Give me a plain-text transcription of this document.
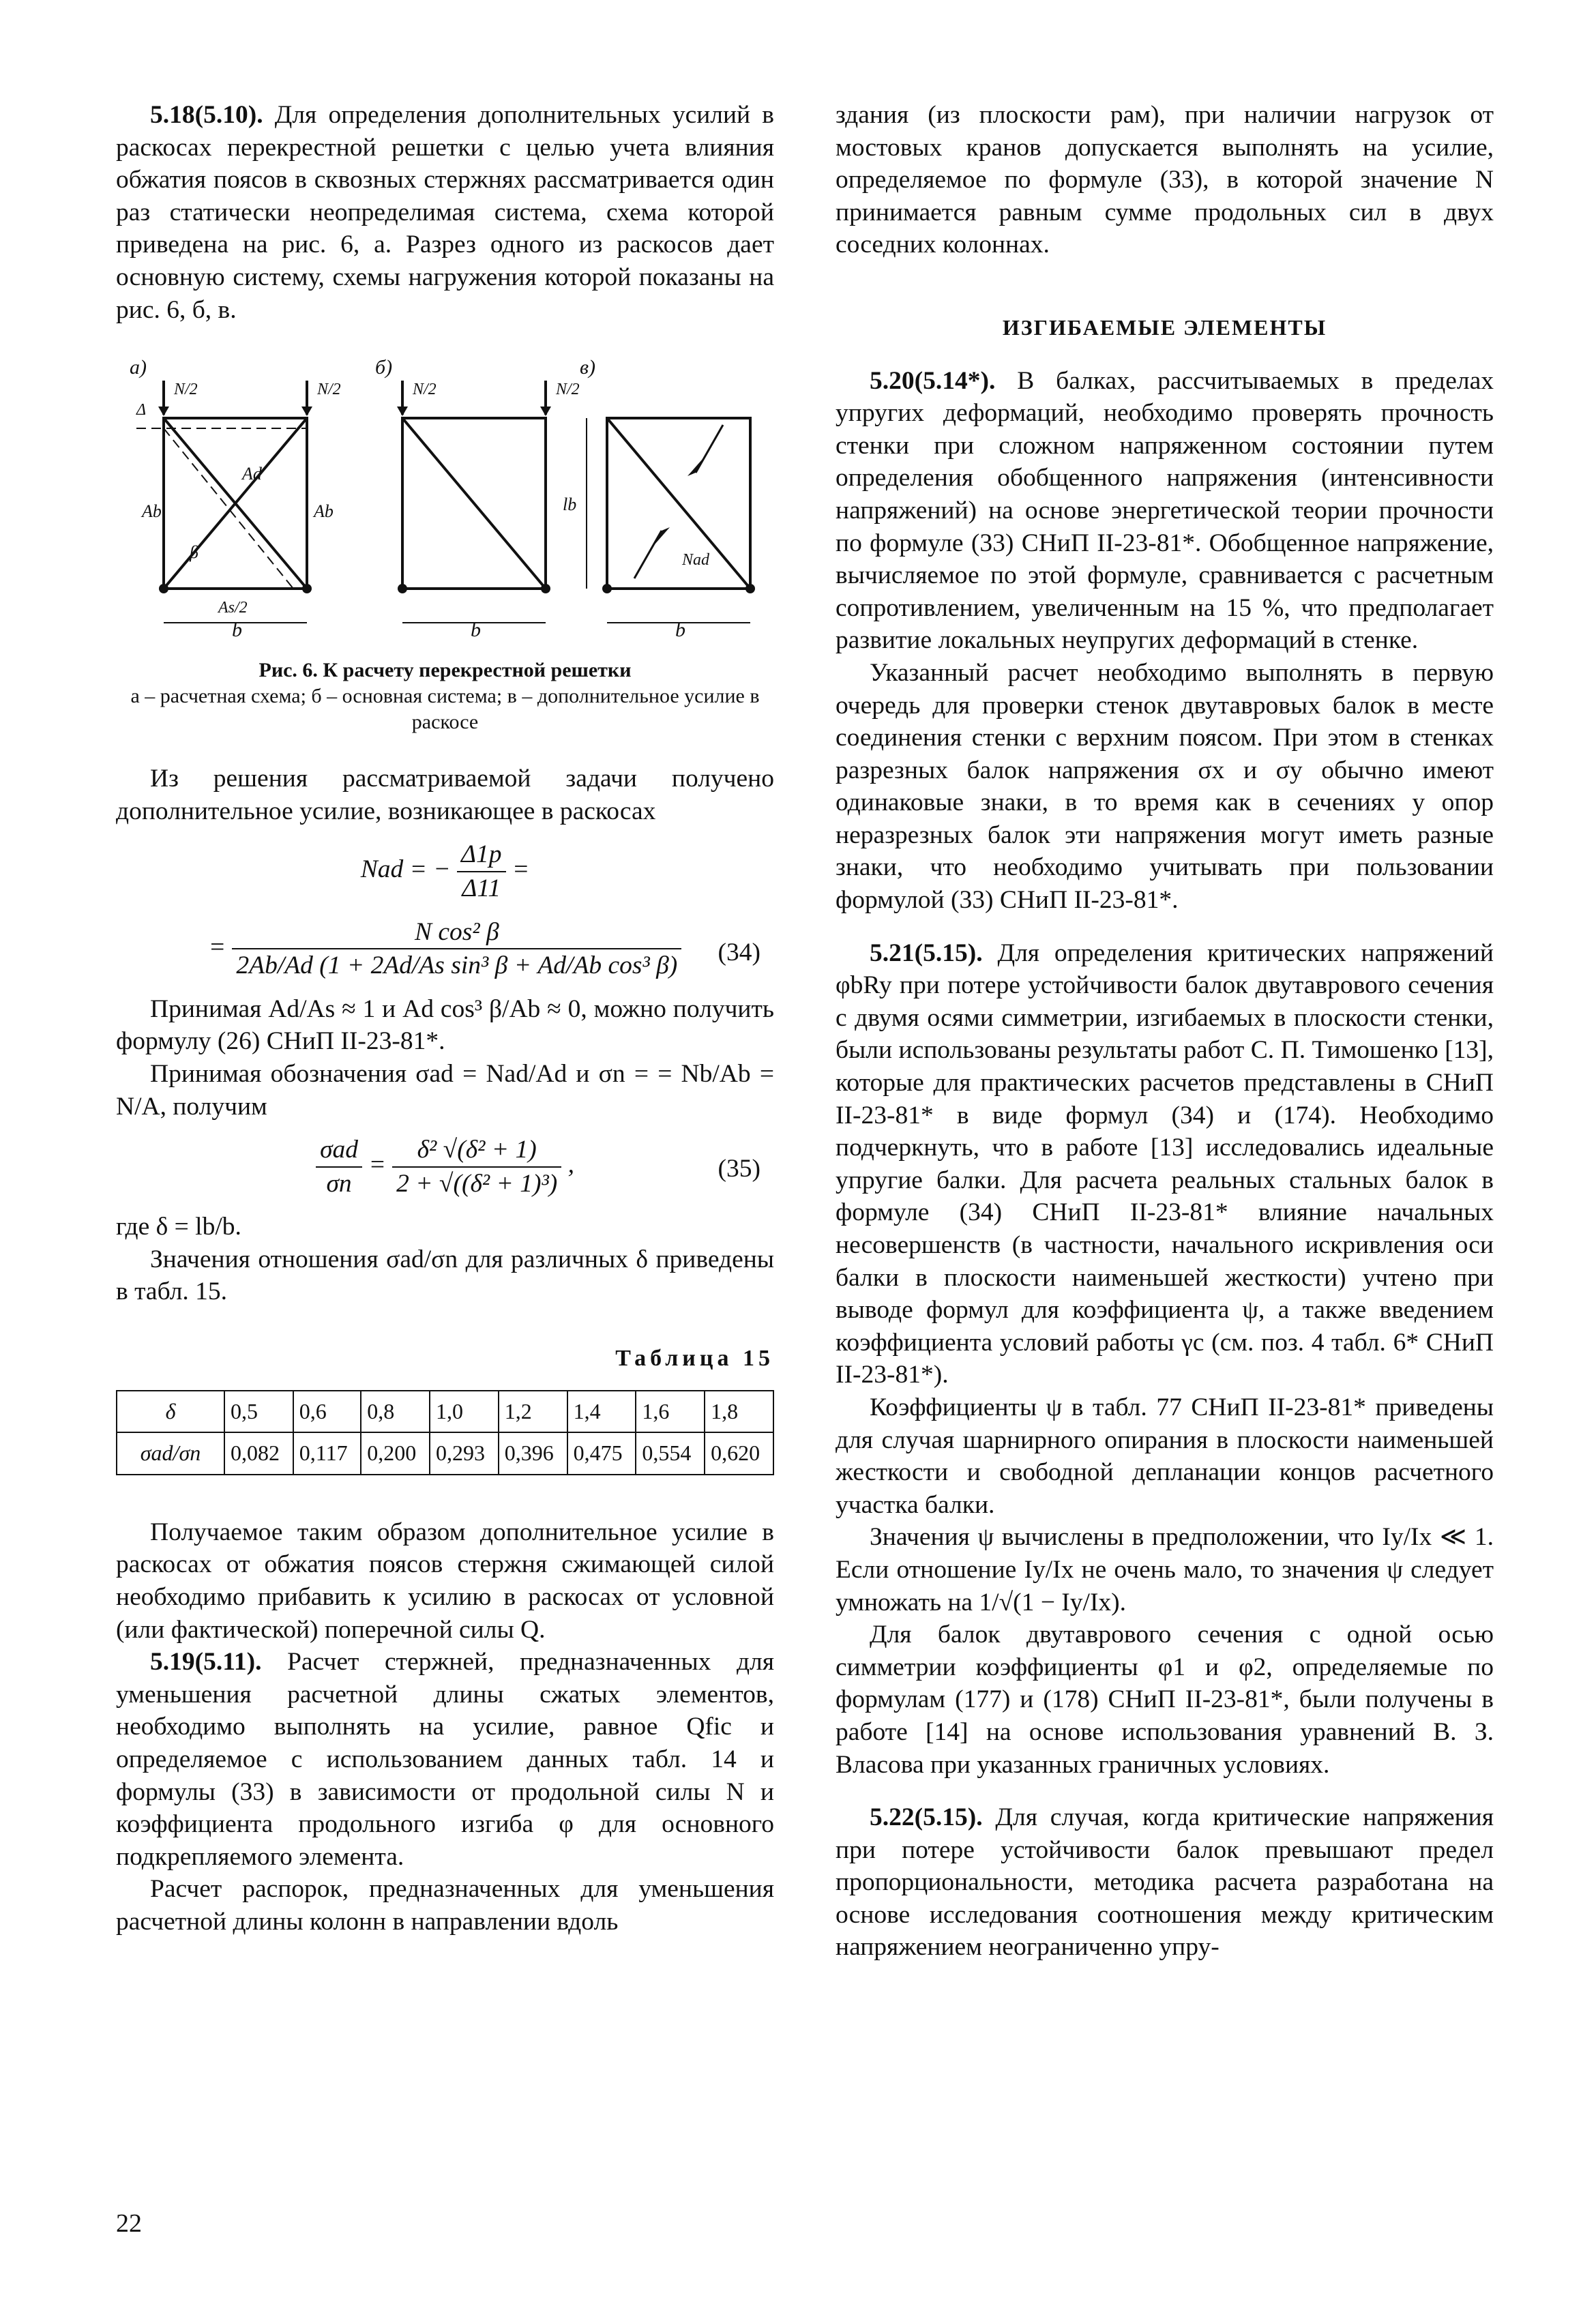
5.18(5.10). Для определения дополнительных усилий в раскосах перекрестной решетки с целью учета влияния обжатия поясов в сквозных стержнях рассматривается один раз статически неопределимая система, схема которой приведена на рис. 6, а. Разрез одного из раскосов дает основную систему, схемы нагружения которой показаны на рис. 6, б, в.

а)	б)	в)
N/2	N/2	N/2	N/2
Ad
Ab	Ab
As/2
β
b	b	b
Δ
lb
Nad

Рис. 6. К расчету перекрестной решетки

а – расчетная схема; б – основная система; в – дополнительное усилие в раскосе

Из решения рассматриваемой задачи получено дополнительное усилие, возникающее в раскосах

Nad = − $\frac{\Delta 1p}{\Delta 11}$ =
= $\frac{\text{N cos² β}}{\text{2Ab/Ad (1 + 2Ad/As sin³ β + Ad/Ab cos³ β)}} (34)$

Принимая Ad/As ≈ 1 и Ad cos³ β/Ab ≈ 0, можно получить формулу (26) СНиП II-23-81*.

Принимая обозначения σad = Nad/Ad и σn = = Nb/Ab = N/A, получим

$\frac{\text{σad}}{\sigma n} = \frac{\text{δ² √(δ² + 1)}}{\text{2 + √((δ² + 1)³)}}$ ,	(35)

где δ = lb/b.

Значения отношения σad/σn для различных δ приведены в табл. 15.

Таблица 15
δ	0,5	0,6	0,8	1,0	1,2	1,4	1,6	1,8
σad/σn	0,082	0,117	0,200	0,293	0,396	0,475	0,554	0,620

Получаемое таким образом дополнительное усилие в раскосах от обжатия поясов стержня сжимающей силой необходимо прибавить к усилию в раскосах от условной (или фактической) поперечной силы Q.

5.19(5.11). Расчет стержней, предназначенных для уменьшения расчетной длины сжатых элементов, необходимо выполнять на усилие, равное Qfic и определяемое с использованием данных табл. 14 и формулы (33) в зависимости от продольной силы N и коэффициента продольного изгиба φ для основного подкрепляемого элемента.

Расчет распорок, предназначенных для уменьшения расчетной длины колонн в направлении вдоль

здания (из плоскости рам), при наличии нагрузок от мостовых кранов допускается выполнять на усилие, определяемое по формуле (33), в которой значение N принимается равным сумме продольных сил в двух соседних колоннах.

ИЗГИБАЕМЫЕ ЭЛЕМЕНТЫ

5.20(5.14*). В балках, рассчитываемых в пределах упругих деформаций, необходимо проверять прочность стенки при сложном напряженном состоянии путем определения обобщенного напряжения (интенсивности напряжений) на основе энергетической теории прочности по формуле (33) СНиП II-23-81*. Обобщенное напряжение, вычисляемое по этой формуле, сравнивается с расчетным сопротивлением, увеличенным на 15 %, что предполагает развитие локальных неупругих деформаций в стенке.

Указанный расчет необходимо выполнять в первую очередь для проверки стенок двутавровых балок в месте соединения стенки с верхним поясом. При этом в стенках разрезных балок напряжения σx и σy обычно имеют одинаковые знаки, в то время как в сечениях у опор неразрезных балок эти напряжения могут иметь разные знаки, что необходимо учитывать при пользовании формулой (33) СНиП II-23-81*.

5.21(5.15). Для определения критических напряжений φbRy при потере устойчивости балок двутаврового сечения с двумя осями симметрии, изгибаемых в плоскости стенки, были использованы результаты работ С. П. Тимошенко [13], которые для практических расчетов представлены в СНиП II-23-81* в виде формул (34) и (174). Необходимо подчеркнуть, что в работе [13] исследовались идеальные упругие балки. Для расчета реальных стальных балок в формуле (34) СНиП II-23-81* влияние начальных несовершенств (в частности, начального искривления оси балки в плоскости наименьшей жесткости) учтено при выводе формул для коэффициента ψ, а также введением коэффициента условий работы γc (см. поз. 4 табл. 6* СНиП II-23-81*).

Коэффициенты ψ в табл. 77 СНиП II-23-81* приведены для случая шарнирного опирания в плоскости наименьшей жесткости и свободной депланации концов расчетного участка балки.

Значения ψ вычислены в предположении, что Iy/Ix ≪ 1. Если отношение Iy/Ix не очень мало, то значения ψ следует умножать на 1/√(1 − Iy/Ix).

Для балок двутаврового сечения с одной осью симметрии коэффициенты φ1 и φ2, определяемые по формулам (177) и (178) СНиП II-23-81*, были получены в работе [14] на основе использования уравнений В. З. Власова при указанных граничных условиях.

5.22(5.15). Для случая, когда критические напряжения при потере устойчивости балок превышают предел пропорциональности, методика расчета разработана на основе исследования соотношения между критическим напряжением неограниченно упру-

22
